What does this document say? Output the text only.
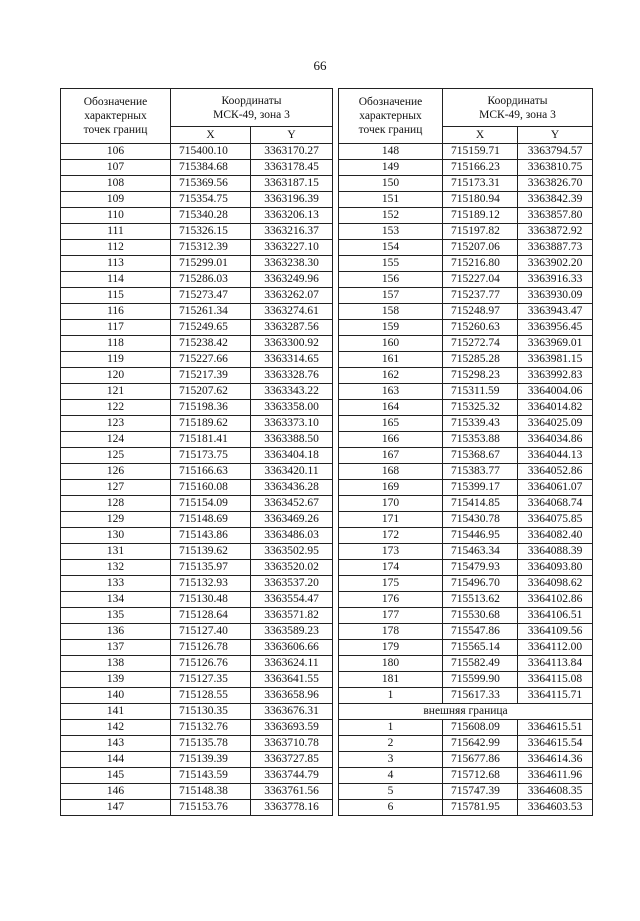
66
Обозначение
характерных
точек границ	Координаты
МСК-49, зона 3	
	X	Y
106	715400.10	3363170.27
107	715384.68	3363178.45
108	715369.56	3363187.15
109	715354.75	3363196.39
110	715340.28	3363206.13
111	715326.15	3363216.37
112	715312.39	3363227.10
113	715299.01	3363238.30
114	715286.03	3363249.96
115	715273.47	3363262.07
116	715261.34	3363274.61
117	715249.65	3363287.56
118	715238.42	3363300.92
119	715227.66	3363314.65
120	715217.39	3363328.76
121	715207.62	3363343.22
122	715198.36	3363358.00
123	715189.62	3363373.10
124	715181.41	3363388.50
125	715173.75	3363404.18
126	715166.63	3363420.11
127	715160.08	3363436.28
128	715154.09	3363452.67
129	715148.69	3363469.26
130	715143.86	3363486.03
131	715139.62	3363502.95
132	715135.97	3363520.02
133	715132.93	3363537.20
134	715130.48	3363554.47
135	715128.64	3363571.82
136	715127.40	3363589.23
137	715126.78	3363606.66
138	715126.76	3363624.11
139	715127.35	3363641.55
140	715128.55	3363658.96
141	715130.35	3363676.31
142	715132.76	3363693.59
143	715135.78	3363710.78
144	715139.39	3363727.85
145	715143.59	3363744.79
146	715148.38	3363761.56
147	715153.76	3363778.16
Обозначение
характерных
точек границ	Координаты
МСК-49, зона 3	
	X	Y
148	715159.71	3363794.57
149	715166.23	3363810.75
150	715173.31	3363826.70
151	715180.94	3363842.39
152	715189.12	3363857.80
153	715197.82	3363872.92
154	715207.06	3363887.73
155	715216.80	3363902.20
156	715227.04	3363916.33
157	715237.77	3363930.09
158	715248.97	3363943.47
159	715260.63	3363956.45
160	715272.74	3363969.01
161	715285.28	3363981.15
162	715298.23	3363992.83
163	715311.59	3364004.06
164	715325.32	3364014.82
165	715339.43	3364025.09
166	715353.88	3364034.86
167	715368.67	3364044.13
168	715383.77	3364052.86
169	715399.17	3364061.07
170	715414.85	3364068.74
171	715430.78	3364075.85
172	715446.95	3364082.40
173	715463.34	3364088.39
174	715479.93	3364093.80
175	715496.70	3364098.62
176	715513.62	3364102.86
177	715530.68	3364106.51
178	715547.86	3364109.56
179	715565.14	3364112.00
180	715582.49	3364113.84
181	715599.90	3364115.08
1	715617.33	3364115.71
внешняя граница		
1	715608.09	3364615.51
2	715642.99	3364615.54
3	715677.86	3364614.36
4	715712.68	3364611.96
5	715747.39	3364608.35
6	715781.95	3364603.53
